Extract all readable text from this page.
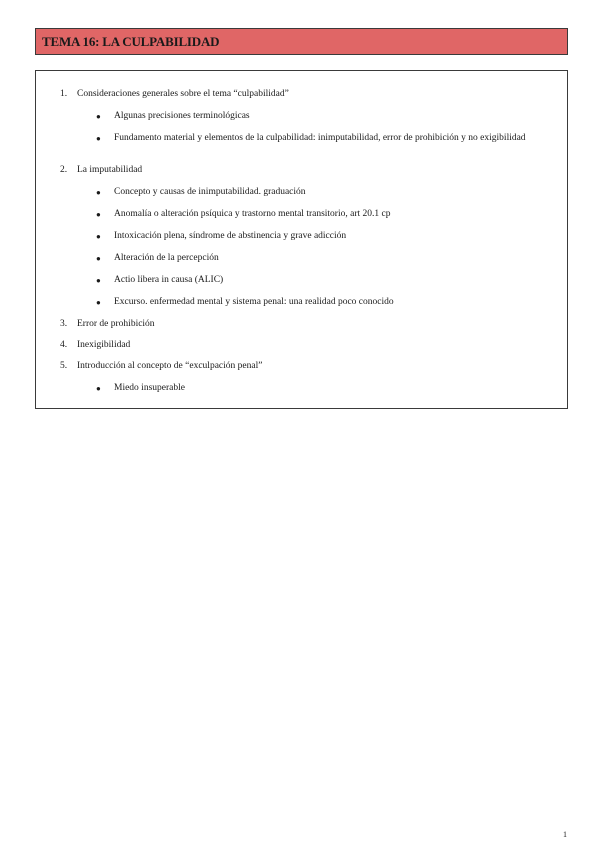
TEMA 16: LA CULPABILIDAD
1. Consideraciones generales sobre el tema “culpabilidad”
● Algunas precisiones terminológicas
● Fundamento material y elementos de la culpabilidad: inimputabilidad, error de prohibición y no exigibilidad
2. La imputabilidad
● Concepto y causas de inimputabilidad. graduación
● Anomalía o alteración psíquica y trastorno mental transitorio, art 20.1 cp
● Intoxicación plena, síndrome de abstinencia y grave adicción
● Alteración de la percepción
● Actio libera in causa (ALIC)
● Excurso. enfermedad mental y sistema penal: una realidad poco conocido
3. Error de prohibición
4. Inexigibilidad
5. Introducción al concepto de “exculpación penal”
● Miedo insuperable
1
